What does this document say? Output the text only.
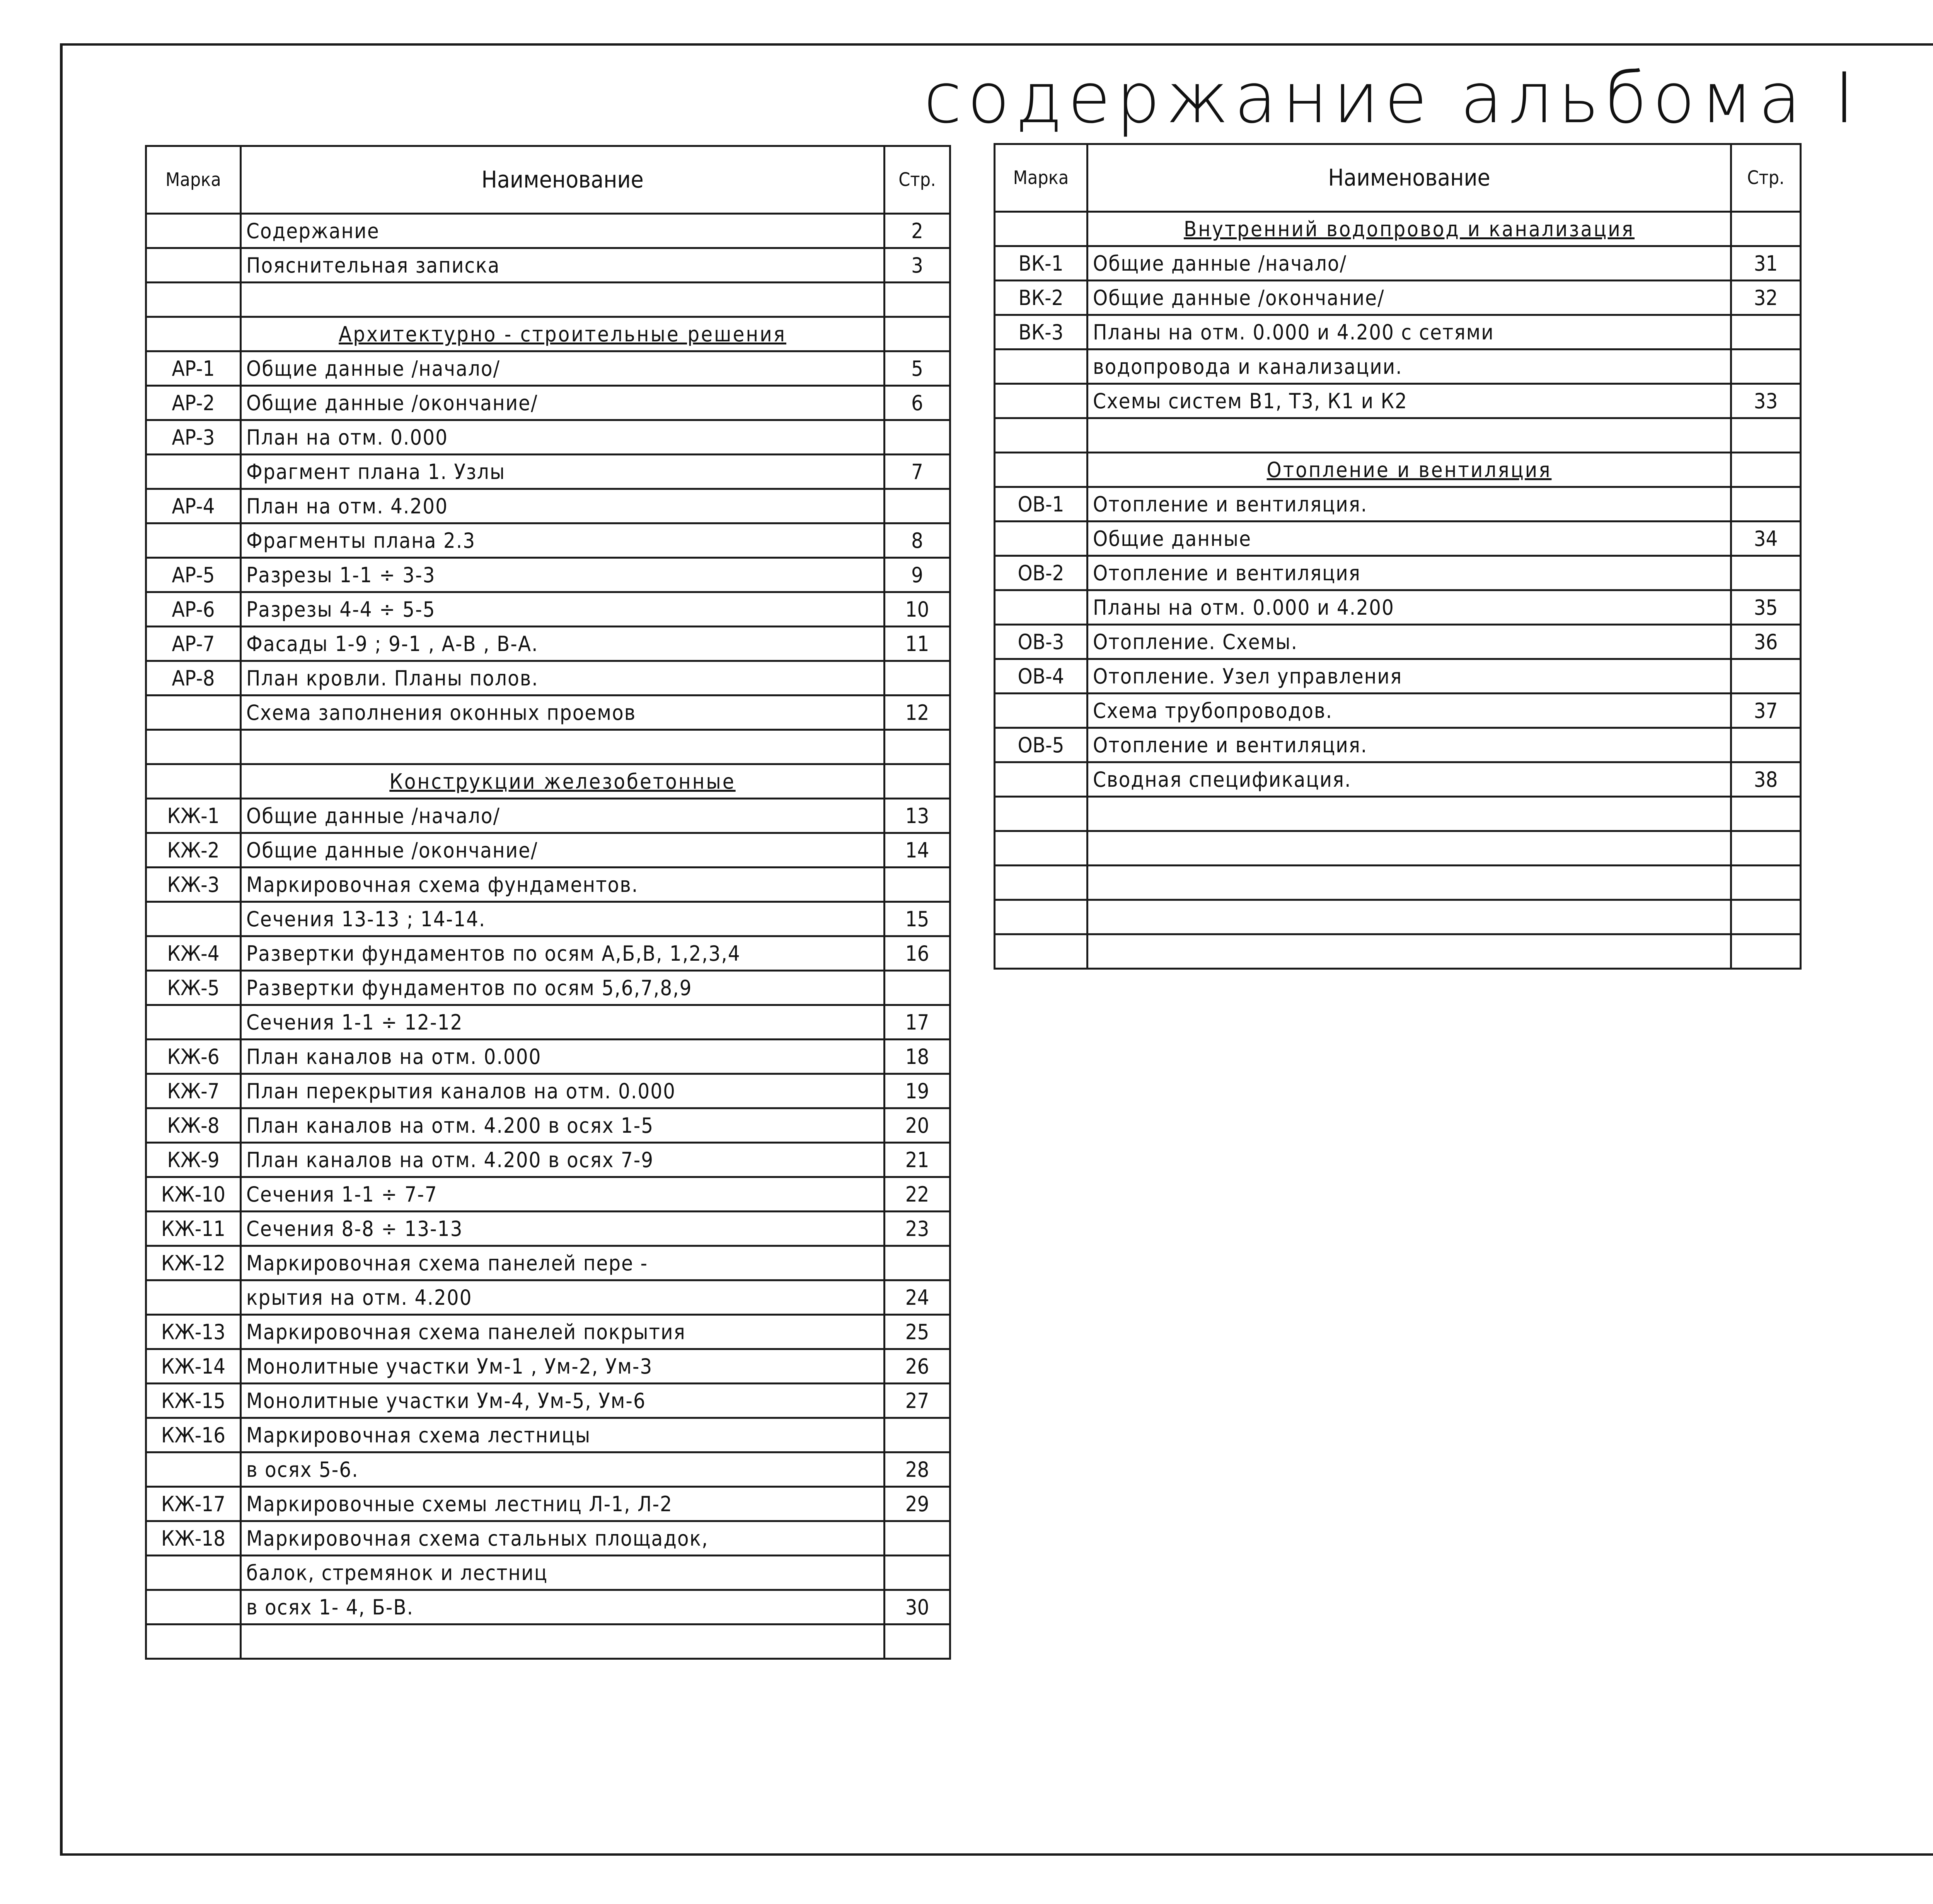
содержание альбома I
Марка	Наименование	Стр.
	Содержание	2
	Пояснительная записка	3

	Архитектурно - строительные решения	
АР-1	Общие данные /начало/	5
АР-2	Общие данные /окончание/	6
АР-3	План на отм. 0.000	
	Фрагмент плана 1. Узлы	7
АР-4	План на отм. 4.200	
	Фрагменты плана 2.3	8
АР-5	Разрезы 1-1 ÷ 3-3	9
АР-6	Разрезы 4-4 ÷ 5-5	10
АР-7	Фасады 1-9 ; 9-1 , А-В , В-А.	11
АР-8	План кровли. Планы полов.	
	Схема заполнения оконных проемов	12

	Конструкции железобетонные	
КЖ-1	Общие данные /начало/	13
КЖ-2	Общие данные /окончание/	14
КЖ-3	Маркировочная схема фундаментов.	
	Сечения 13-13 ; 14-14.	15
КЖ-4	Развертки фундаментов по осям А,Б,В, 1,2,3,4	16
КЖ-5	Развертки фундаментов по осям 5,6,7,8,9	
	Сечения 1-1 ÷ 12-12	17
КЖ-6	План каналов на отм. 0.000	18
КЖ-7	План перекрытия каналов на отм. 0.000	19
КЖ-8	План каналов на отм. 4.200 в осях 1-5	20
КЖ-9	План каналов на отм. 4.200 в осях 7-9	21
КЖ-10	Сечения 1-1 ÷ 7-7	22
КЖ-11	Сечения 8-8 ÷ 13-13	23
КЖ-12	Маркировочная схема панелей пере -	
	крытия на отм. 4.200	24
КЖ-13	Маркировочная схема панелей покрытия	25
КЖ-14	Монолитные участки Ум-1 , Ум-2, Ум-3	26
КЖ-15	Монолитные участки Ум-4, Ум-5, Ум-6	27
КЖ-16	Маркировочная схема лестницы	
	в осях 5-6.	28
КЖ-17	Маркировочные схемы лестниц Л-1, Л-2	29
КЖ-18	Маркировочная схема стальных площадок,	
	балок, стремянок и лестниц	
	в осях 1- 4, Б-В.	30

Марка	Наименование	Стр.
	Внутренний водопровод и канализация	
ВК-1	Общие данные /начало/	31
ВК-2	Общие данные /окончание/	32
ВК-3	Планы на отм. 0.000 и 4.200 с сетями	
	водопровода и канализации.	
	Схемы систем В1, Т3, К1 и К2	33

	Отопление и вентиляция	
ОВ-1	Отопление и вентиляция.	
	Общие данные	34
ОВ-2	Отопление и вентиляция	
	Планы на отм. 0.000 и 4.200	35
ОВ-3	Отопление. Схемы.	36
ОВ-4	Отопление. Узел управления	
	Схема трубопроводов.	37
ОВ-5	Отопление и вентиляция.	
	Сводная спецификация.	38
